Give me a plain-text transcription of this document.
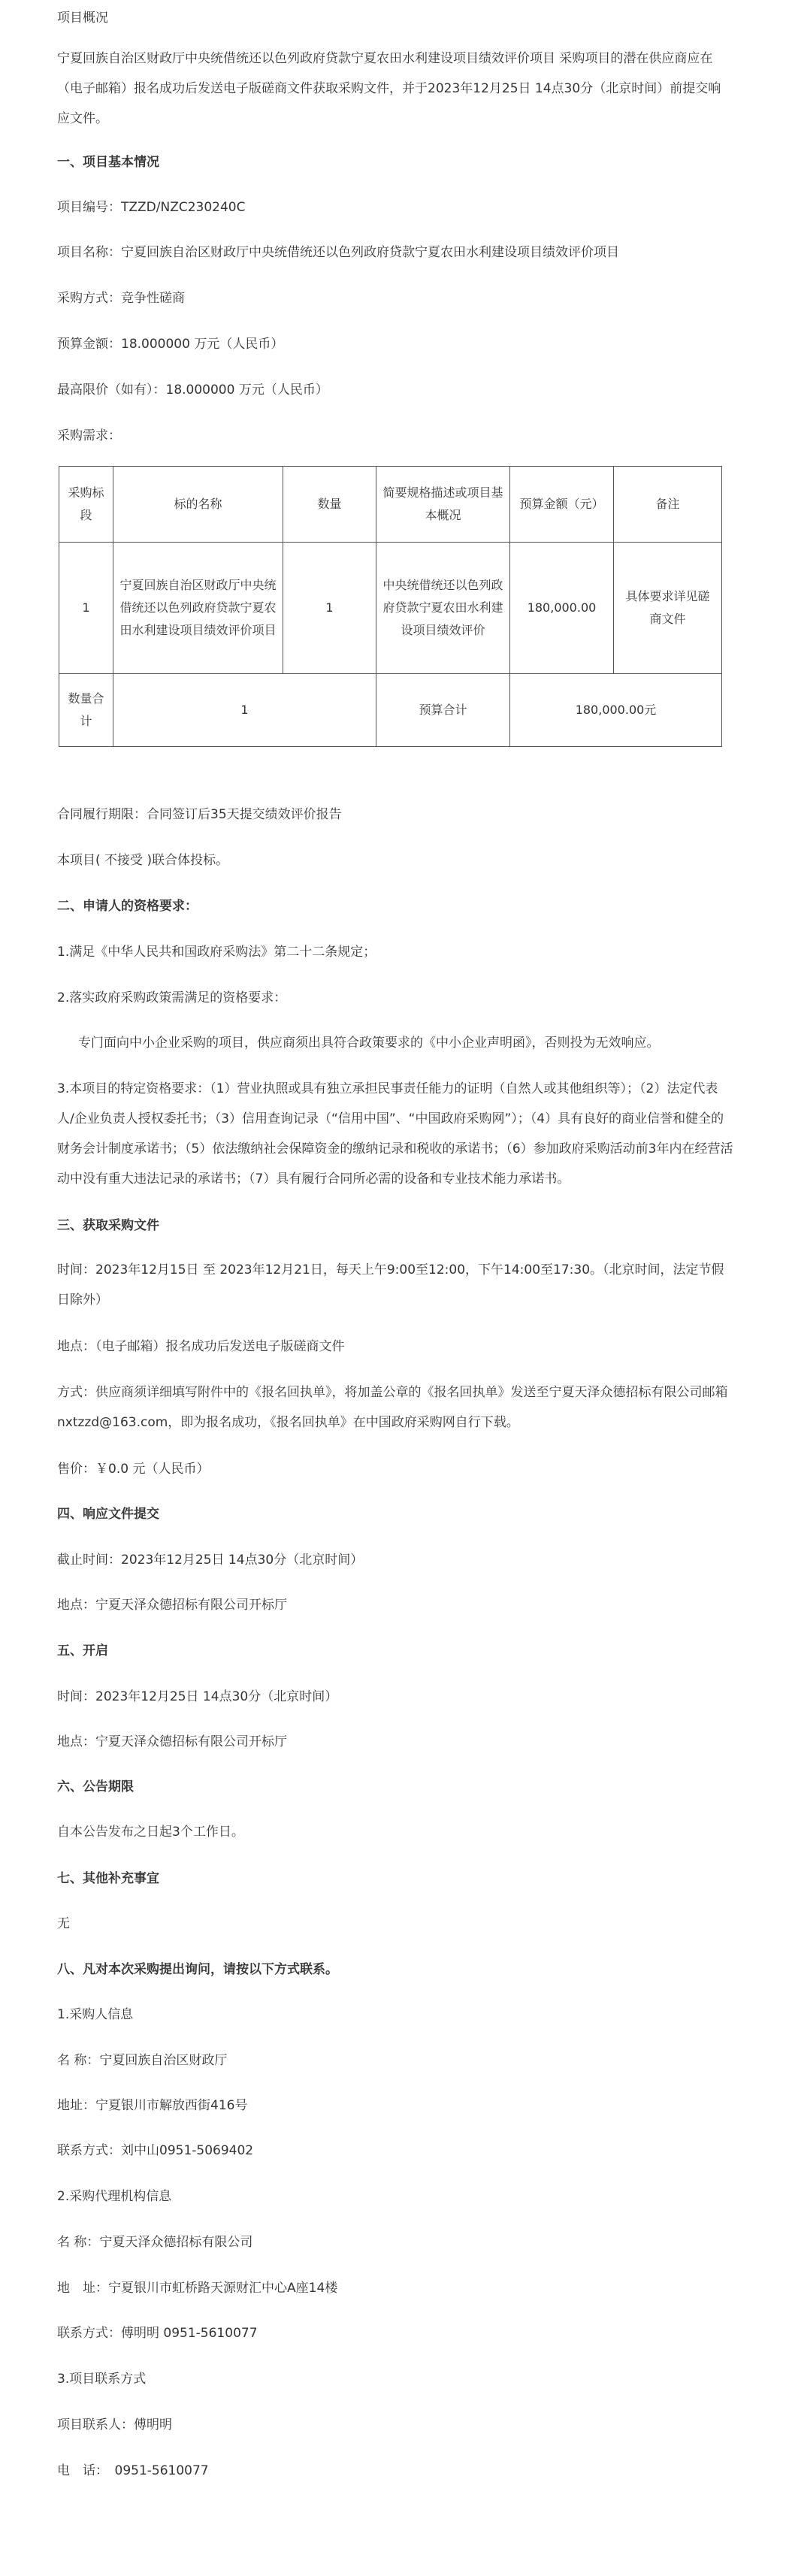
项目概况
宁夏回族自治区财政厅中央统借统还以色列政府贷款宁夏农田水利建设项目绩效评价项目 采购项目的潜在供应商应在（电子邮箱）报名成功后发送电子版磋商文件获取采购文件，并于2023年12月25日 14点30分（北京时间）前提交响应文件。
一、项目基本情况
项目编号：TZZD/NZC230240C
项目名称：宁夏回族自治区财政厅中央统借统还以色列政府贷款宁夏农田水利建设项目绩效评价项目
采购方式：竞争性磋商
预算金额：18.000000 万元（人民币）
最高限价（如有）：18.000000 万元（人民币）
采购需求：
采购标段	标的名称	数量	简要规格描述或项目基本概况	预算金额（元）	备注
1	宁夏回族自治区财政厅中央统借统还以色列政府贷款宁夏农田水利建设项目绩效评价项目	1	中央统借统还以色列政府贷款宁夏农田水利建设项目绩效评价	180,000.00	具体要求详见磋商文件
数量合计	1		预算合计	180,000.00元	
合同履行期限：合同签订后35天提交绩效评价报告
本项目( 不接受 )联合体投标。
二、申请人的资格要求：
1.满足《中华人民共和国政府采购法》第二十二条规定；
2.落实政府采购政策需满足的资格要求：
专门面向中小企业采购的项目，供应商须出具符合政策要求的《中小企业声明函》，否则投为无效响应。
3.本项目的特定资格要求：（1）营业执照或具有独立承担民事责任能力的证明（自然人或其他组织等）；（2）法定代表人/企业负责人授权委托书；（3）信用查询记录（“信用中国”、“中国政府采购网”）；（4）具有良好的商业信誉和健全的财务会计制度承诺书；（5）依法缴纳社会保障资金的缴纳记录和税收的承诺书；（6）参加政府采购活动前3年内在经营活动中没有重大违法记录的承诺书；（7）具有履行合同所必需的设备和专业技术能力承诺书。
三、获取采购文件
时间：2023年12月15日 至 2023年12月21日，每天上午9:00至12:00，下午14:00至17:30。（北京时间，法定节假日除外）
地点：（电子邮箱）报名成功后发送电子版磋商文件
方式：供应商须详细填写附件中的《报名回执单》，将加盖公章的《报名回执单》发送至宁夏天泽众德招标有限公司邮箱nxtzzd@163.com，即为报名成功，《报名回执单》在中国政府采购网自行下载。
售价：￥0.0 元（人民币）
四、响应文件提交
截止时间：2023年12月25日 14点30分（北京时间）
地点：宁夏天泽众德招标有限公司开标厅
五、开启
时间：2023年12月25日 14点30分（北京时间）
地点：宁夏天泽众德招标有限公司开标厅
六、公告期限
自本公告发布之日起3个工作日。
七、其他补充事宜
无
八、凡对本次采购提出询问，请按以下方式联系。
1.采购人信息
名 称：宁夏回族自治区财政厅
地址：宁夏银川市解放西街416号
联系方式：刘中山0951-5069402
2.采购代理机构信息
名 称：宁夏天泽众德招标有限公司
地　址：宁夏银川市虹桥路天源财汇中心A座14楼
联系方式：傅明明 0951-5610077
3.项目联系方式
项目联系人：傅明明
电　话：　0951-5610077
